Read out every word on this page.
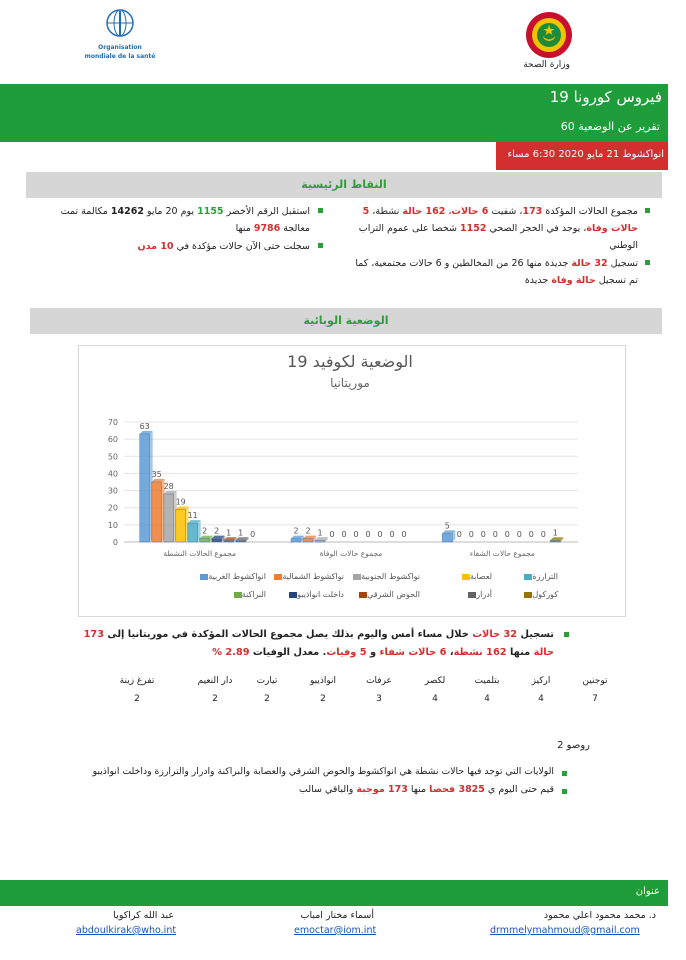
Organisation
mondiale de la santé
وزارة الصحة
فيروس كورونا 19
تقرير عن الوضعية 60
انواكشوط 21 مايو 2020 6:30 مساء
النقاط الرئيسية
مجموع الحالات المؤكدة 173، شفيت 6 حالات، 162 حالة نشطة، 5 حالات وفاة، يوجد في الحجر الصحي 1152 شخصا على عموم التراب الوطني
تسجيل 32 حالة جديدة منها 26 من المخالطين و 6 حالات مجتمعية، كما تم تسجيل حالة وفاة جديدة
استقبل الرقم الأخضر 1155 يوم 20 مايو 14262 مكالمة تمت معالجة 9786 منها
سجلت حتى الآن حالات مؤكدة في 10 مدن
الوضعية الوبائية
الوضعية لكوفيد 19
موريتانيا
0
10
20
30
40
50
60
70	63
35
28
19
11
2 2 1 1 0
مجموع الحالات النشطة
2 2 1 0 0 0 0 0 0 0
مجموع حالات الوفاة
5
0 0 0 0 0 0 0 0 1
مجموع حالات الشفاء
انواكشوط الغربية	نواكشوط الشمالية	نواكشوط الجنوبية	لعصابة	الترارزة
البراكنة	داخلت انواذيبو	الحوض الشرقي	أدرار	كوركول
تسجيل 32 حالات خلال مساء أمس واليوم بذلك يصل مجموع الحالات المؤكدة في موريتانيا إلى 173 حالة منها 162 نشطة، 6 حالات شفاء و 5 وفيات. معدل الوفيات 2.89 %
توجنين
7
اركيز
4
بتلميت
4
لكصر
4
عرفات
3
انواذيبو
2
تيارت
2
دار النعيم
2
تفرغ زينة
2
روصو 2
الولايات التي توجد فيها حالات نشطة هي انواكشوط والحوض الشرقي والعصابة والبراكنة وادرار والترارزة وداخلت انواذيبو
قيم حتى اليوم ي 3825 فحصا منها 173 موجبة والباقي سالب
عنوان
د. محمد محمود اعلي محمود
drmmelymahmoud@gmail.com
أسماء مختار امباب
emoctar@iom.int
عبد الله كراكويا
abdoulkirak@who.int
